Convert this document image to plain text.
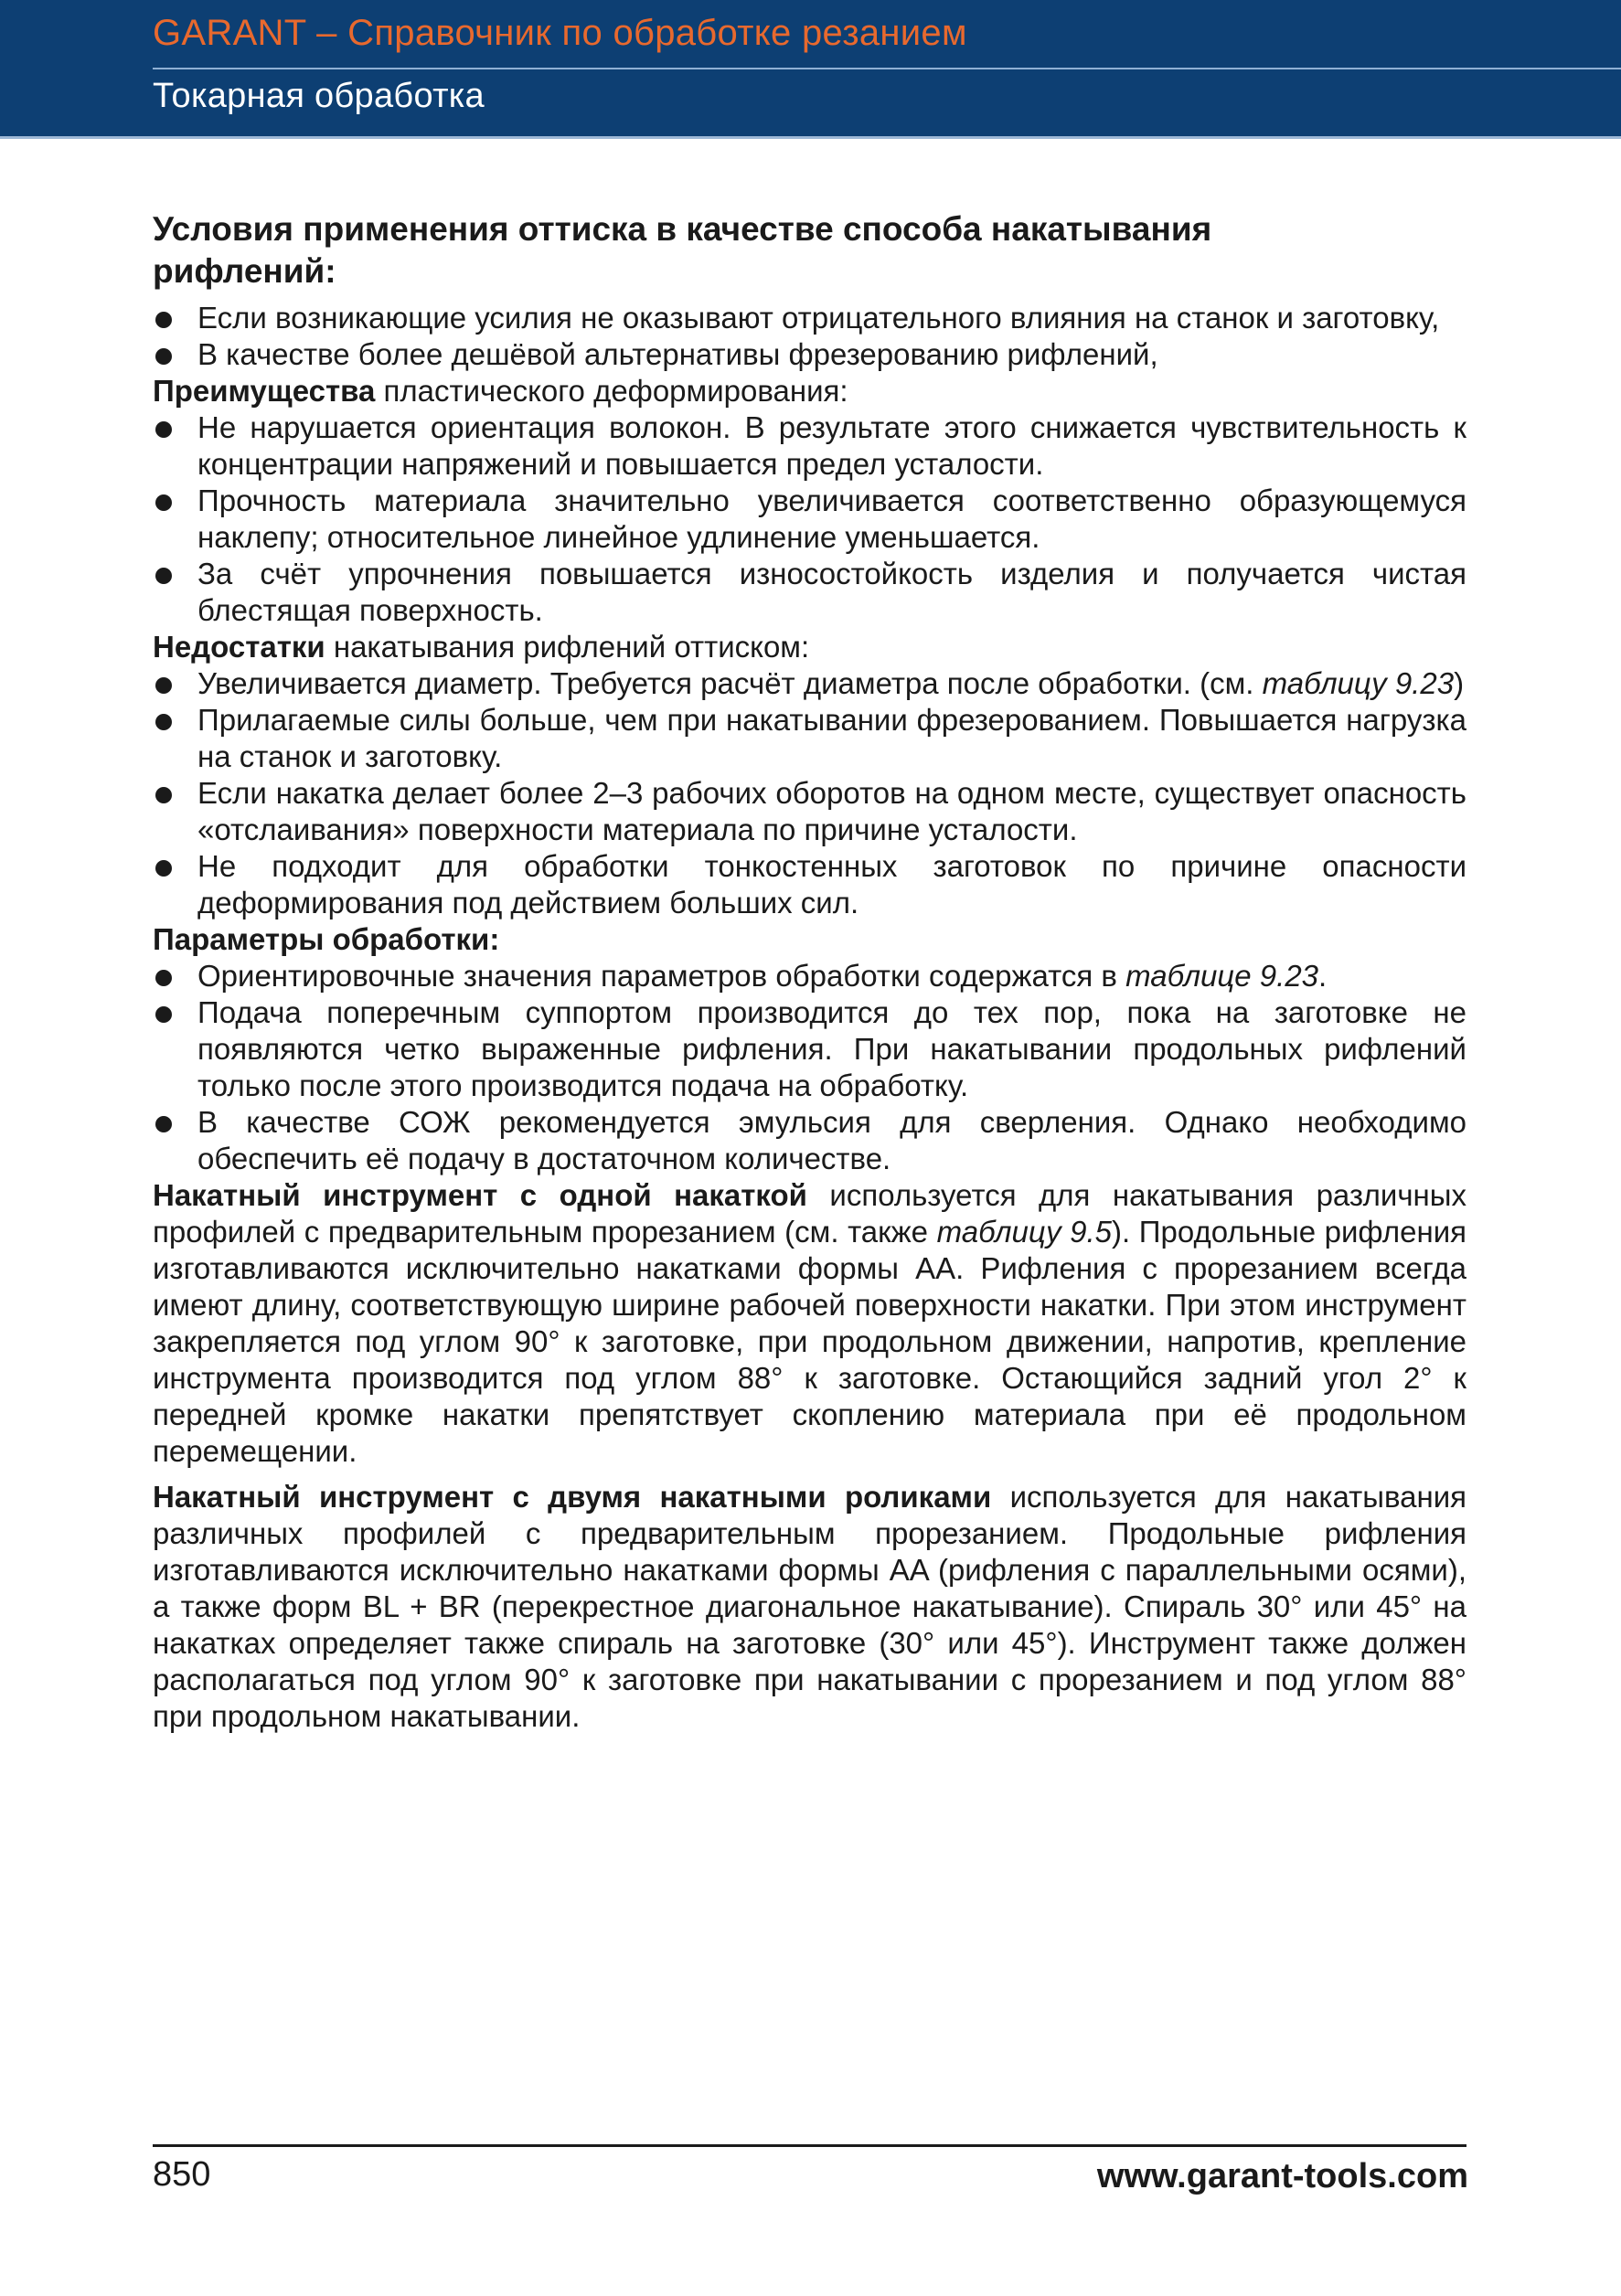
GARANT – Справочник по обработке резанием
Токарная обработка
Условия применения оттиска в качестве способа накатывания рифлений:
Если возникающие усилия не оказывают отрицательного влияния на станок и заготовку,
В качестве более дешёвой альтернативы фрезерованию рифлений,

Преимущества пластического деформирования:

Не нарушается ориентация волокон. В результате этого снижается чувствительность к концентрации напряжений и повышается предел усталости.
Прочность материала значительно увеличивается соответственно образующемуся наклепу; относительное линейное удлинение уменьшается.
За счёт упрочнения повышается износостойкость изделия и получается чистая блестящая поверхность.

Недостатки накатывания рифлений оттиском:

Увеличивается диаметр. Требуется расчёт диаметра после обработки. (см. таблицу 9.23)
Прилагаемые силы больше, чем при накатывании фрезерованием. Повышается нагрузка на станок и заготовку.
Если накатка делает более 2–3 рабочих оборотов на одном месте, существует опасность «отслаивания» поверхности материала по причине усталости.
Не подходит для обработки тонкостенных заготовок по причине опасности деформирования под действием больших сил.

Параметры обработки:

Ориентировочные значения параметров обработки содержатся в таблице 9.23.
Подача поперечным суппортом производится до тех пор, пока на заготовке не появляются четко выраженные рифления. При накатывании продольных рифлений только после этого производится подача на обработку.
В качестве СОЖ рекомендуется эмульсия для сверления. Однако необходимо обеспечить её подачу в достаточном количестве.

Накатный инструмент с одной накаткой используется для накатывания различных профилей с предварительным прорезанием (см. также таблицу 9.5). Продольные рифления изготавливаются исключительно накатками формы AA. Рифления с прорезанием всегда имеют длину, соответствующую ширине рабочей поверхности накатки. При этом инструмент закрепляется под углом 90° к заготовке, при продольном движении, напротив, крепление инструмента производится под углом 88° к заготовке. Остающийся задний угол 2° к передней кромке накатки препятствует скоплению материала при её продольном перемещении.

Накатный инструмент с двумя накатными роликами используется для накатывания различных профилей с предварительным прорезанием. Продольные рифления изготавливаются исключительно накатками формы AA (рифления с параллельными осями), а также форм BL + BR (перекрестное диагональное накатывание). Спираль 30° или 45° на накатках определяет также спираль на заготовке (30° или 45°). Инструмент также должен располагаться под углом 90° к заготовке при накатывании с прорезанием и под углом 88° при продольном накатывании.

850	www.garant-tools.com
